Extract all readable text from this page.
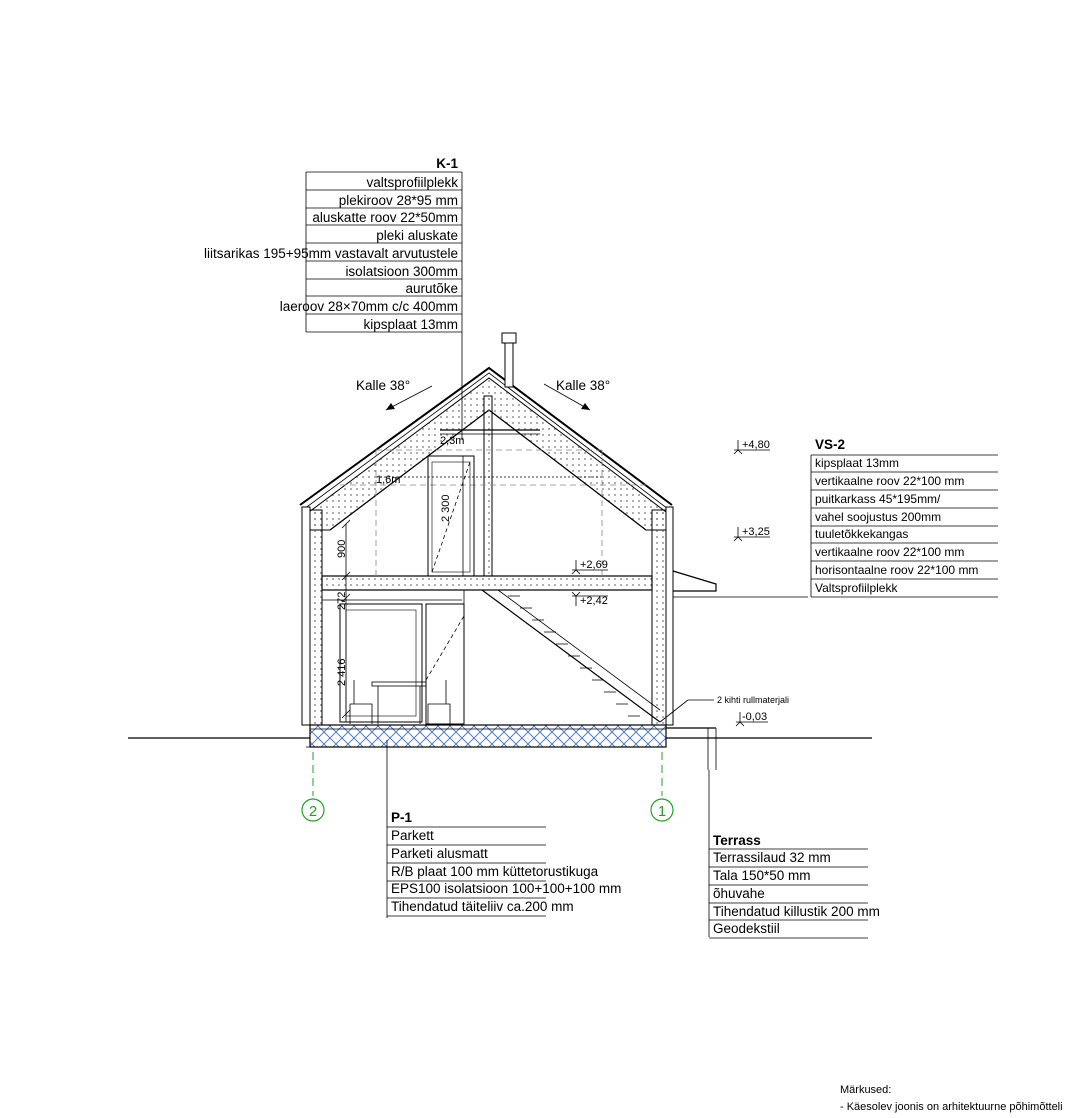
K-1
valtsprofiilplekk
plekiroov 28*95 mm
aluskatte roov 22*50mm
pleki aluskate
liitsarikas 195+95mm vastavalt arvutustele
isolatsioon 300mm
aurutõke
laeroov 28×70mm c/c 400mm
kipsplaat 13mm
Kalle 38°	Kalle 38°
+4,80
+3,25
+2,69
+2,42
-0,03
2,3m
1,6m
2 300
900
272
2 416
2 kihti rullmaterjali
VS-2
kipsplaat 13mm
vertikaalne roov 22*100 mm
puitkarkass 45*195mm/
vahel soojustus 200mm
tuuletõkkekangas
vertikaalne roov 22*100 mm
horisontaalne roov 22*100 mm
Valtsprofiilplekk
2	1
P-1
Parkett
Parketi alusmatt
R/B plaat 100 mm küttetorustikuga
EPS100 isolatsioon 100+100+100 mm
Tihendatud täiteliiv ca.200 mm
Terrass
Terrassilaud 32 mm
Tala 150*50 mm
õhuvahe
Tihendatud killustik 200 mm
Geodekstiil
Märkused:
- Käesolev joonis on arhitektuurne põhimõtteli
